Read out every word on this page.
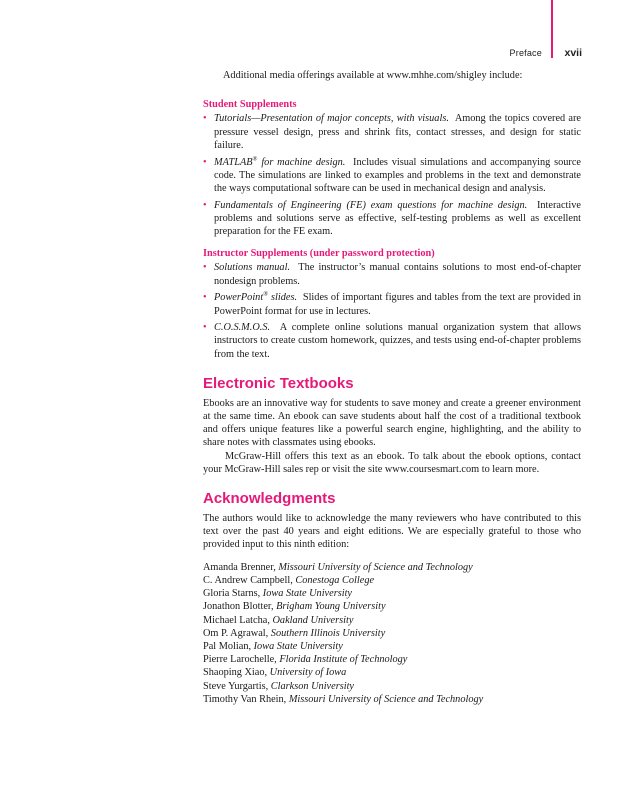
Preface xvii

Additional media offerings available at www.mhhe.com/shigley include:

Student Supplements
• Tutorials—Presentation of major concepts, with visuals. Among the topics covered are pressure vessel design, press and shrink fits, contact stresses, and design for static failure.
• MATLAB® for machine design. Includes visual simulations and accompanying source code. The simulations are linked to examples and problems in the text and demonstrate the ways computational software can be used in mechanical design and analysis.
• Fundamentals of Engineering (FE) exam questions for machine design. Interactive problems and solutions serve as effective, self-testing problems as well as excellent preparation for the FE exam.
Instructor Supplements (under password protection)
• Solutions manual. The instructor’s manual contains solutions to most end-of-chapter nondesign problems.
• PowerPoint® slides. Slides of important figures and tables from the text are provided in PowerPoint format for use in lectures.
• C.O.S.M.O.S. A complete online solutions manual organization system that allows instructors to create custom homework, quizzes, and tests using end-of-chapter problems from the text.
Electronic Textbooks

Ebooks are an innovative way for students to save money and create a greener environment at the same time. An ebook can save students about half the cost of a traditional textbook and offers unique features like a powerful search engine, highlighting, and the ability to share notes with classmates using ebooks.

McGraw-Hill offers this text as an ebook. To talk about the ebook options, contact your McGraw-Hill sales rep or visit the site www.coursesmart.com to learn more.

Acknowledgments

The authors would like to acknowledge the many reviewers who have contributed to this text over the past 40 years and eight editions. We are especially grateful to those who provided input to this ninth edition:

Amanda Brenner, Missouri University of Science and Technology
C. Andrew Campbell, Conestoga College
Gloria Starns, Iowa State University
Jonathon Blotter, Brigham Young University
Michael Latcha, Oakland University
Om P. Agrawal, Southern Illinois University
Pal Molian, Iowa State University
Pierre Larochelle, Florida Institute of Technology
Shaoping Xiao, University of Iowa
Steve Yurgartis, Clarkson University
Timothy Van Rhein, Missouri University of Science and Technology
